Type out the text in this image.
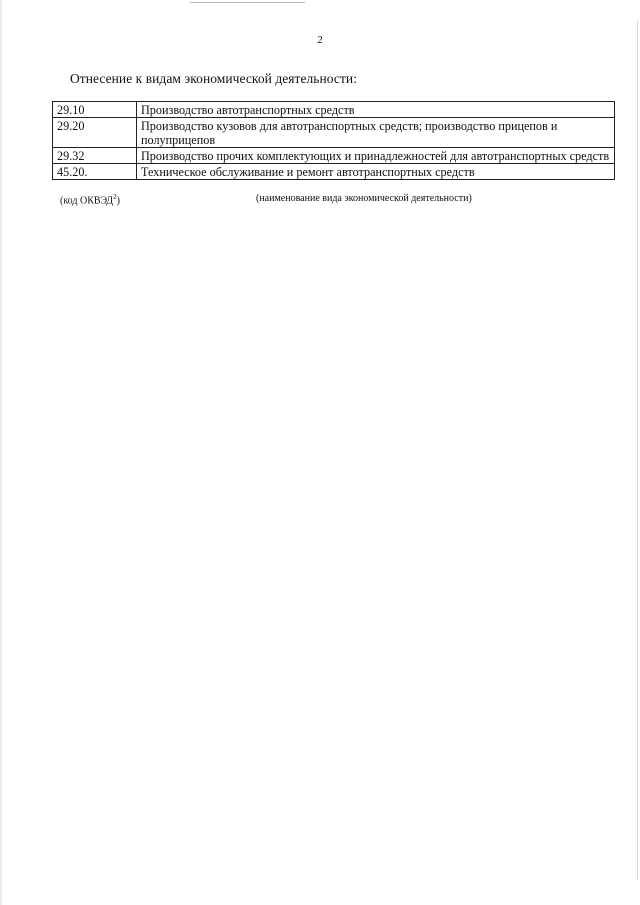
2
Отнесение к видам экономической деятельности:
29.10	Производство автотранспортных средств
29.20	Производство кузовов для автотранспортных средств; производство прицепов и полуприцепов
29.32	Производство прочих комплектующих и принадлежностей для автотранспортных средств
45.20.	Техническое обслуживание и ремонт автотранспортных средств
(код ОКВЭД$^2$)	(наименование вида экономической деятельности)
